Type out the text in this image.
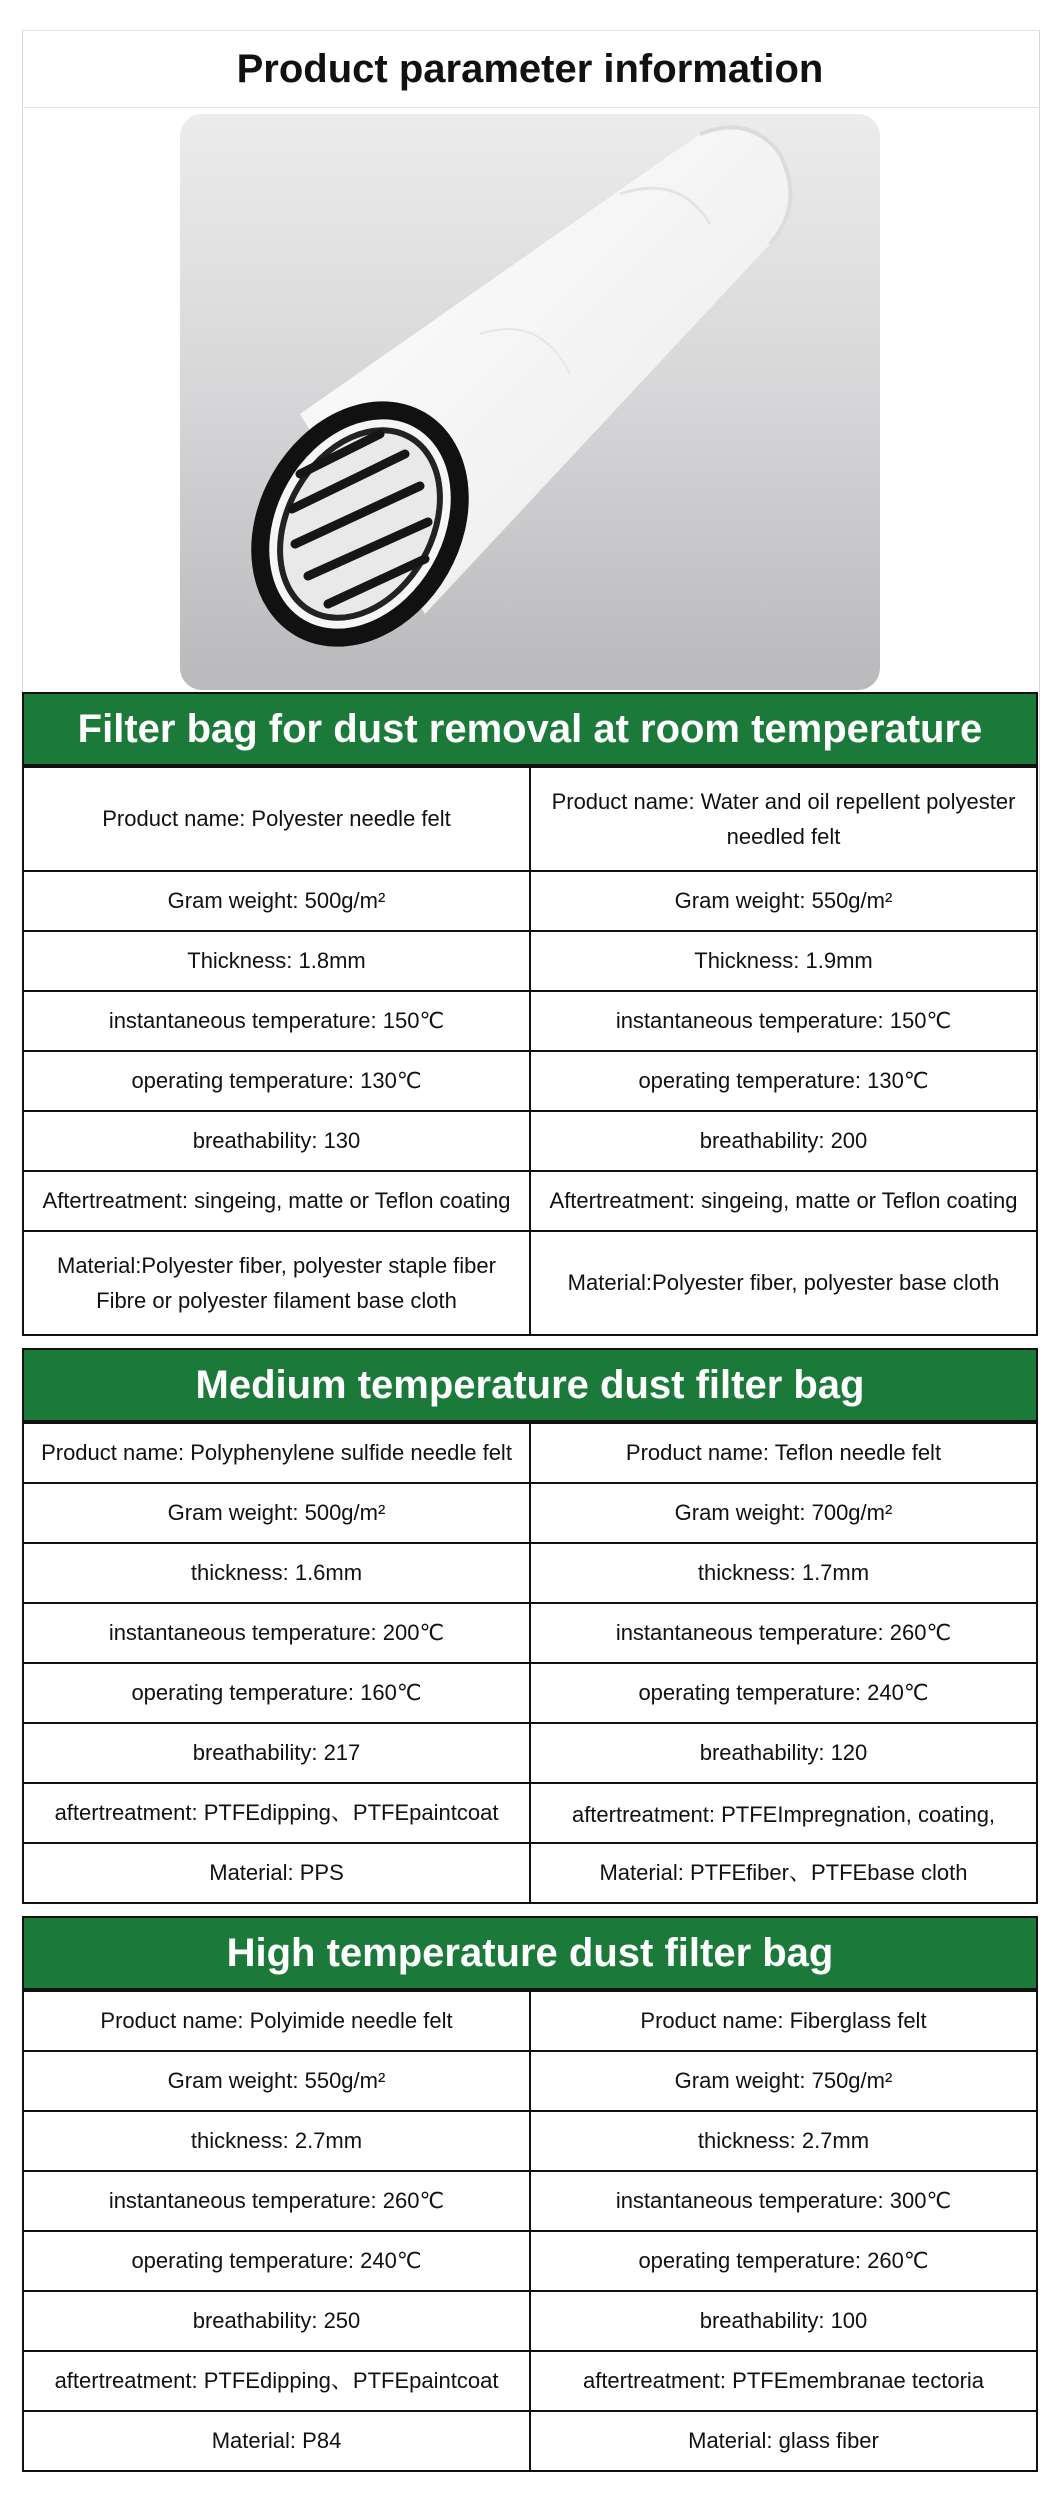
Product parameter information
Filter bag for dust removal at room temperature
Product name: Polyester needle felt	Product name: Water and oil repellent polyester needled felt
Gram weight: 500g/m²	Gram weight: 550g/m²
Thickness: 1.8mm	Thickness: 1.9mm
instantaneous temperature: 150℃	instantaneous temperature: 150℃
operating temperature: 130℃	operating temperature: 130℃
breathability: 130	breathability: 200
Aftertreatment: singeing, matte or Teflon coating	Aftertreatment: singeing, matte or Teflon coating
Material:Polyester fiber, polyester staple fiber Fibre or polyester filament base cloth	Material:Polyester fiber, polyester base cloth
Medium temperature dust filter bag
Product name: Polyphenylene sulfide needle felt	Product name: Teflon needle felt
Gram weight: 500g/m²	Gram weight: 700g/m²
thickness: 1.6mm	thickness: 1.7mm
instantaneous temperature: 200℃	instantaneous temperature: 260℃
operating temperature: 160℃	operating temperature: 240℃
breathability: 217	breathability: 120
aftertreatment: PTFEdipping、PTFEpaintcoat	aftertreatment: PTFEImpregnation, coating,

Material: PPS	Material: PTFEfiber、PTFEbase cloth
High temperature dust filter bag
Product name: Polyimide needle felt	Product name: Fiberglass felt
Gram weight: 550g/m²	Gram weight: 750g/m²
thickness: 2.7mm	thickness: 2.7mm
instantaneous temperature: 260℃	instantaneous temperature: 300℃
operating temperature: 240℃	operating temperature: 260℃
breathability: 250	breathability: 100
aftertreatment: PTFEdipping、PTFEpaintcoat	aftertreatment: PTFEmembranae tectoria
Material: P84	Material: glass fiber
